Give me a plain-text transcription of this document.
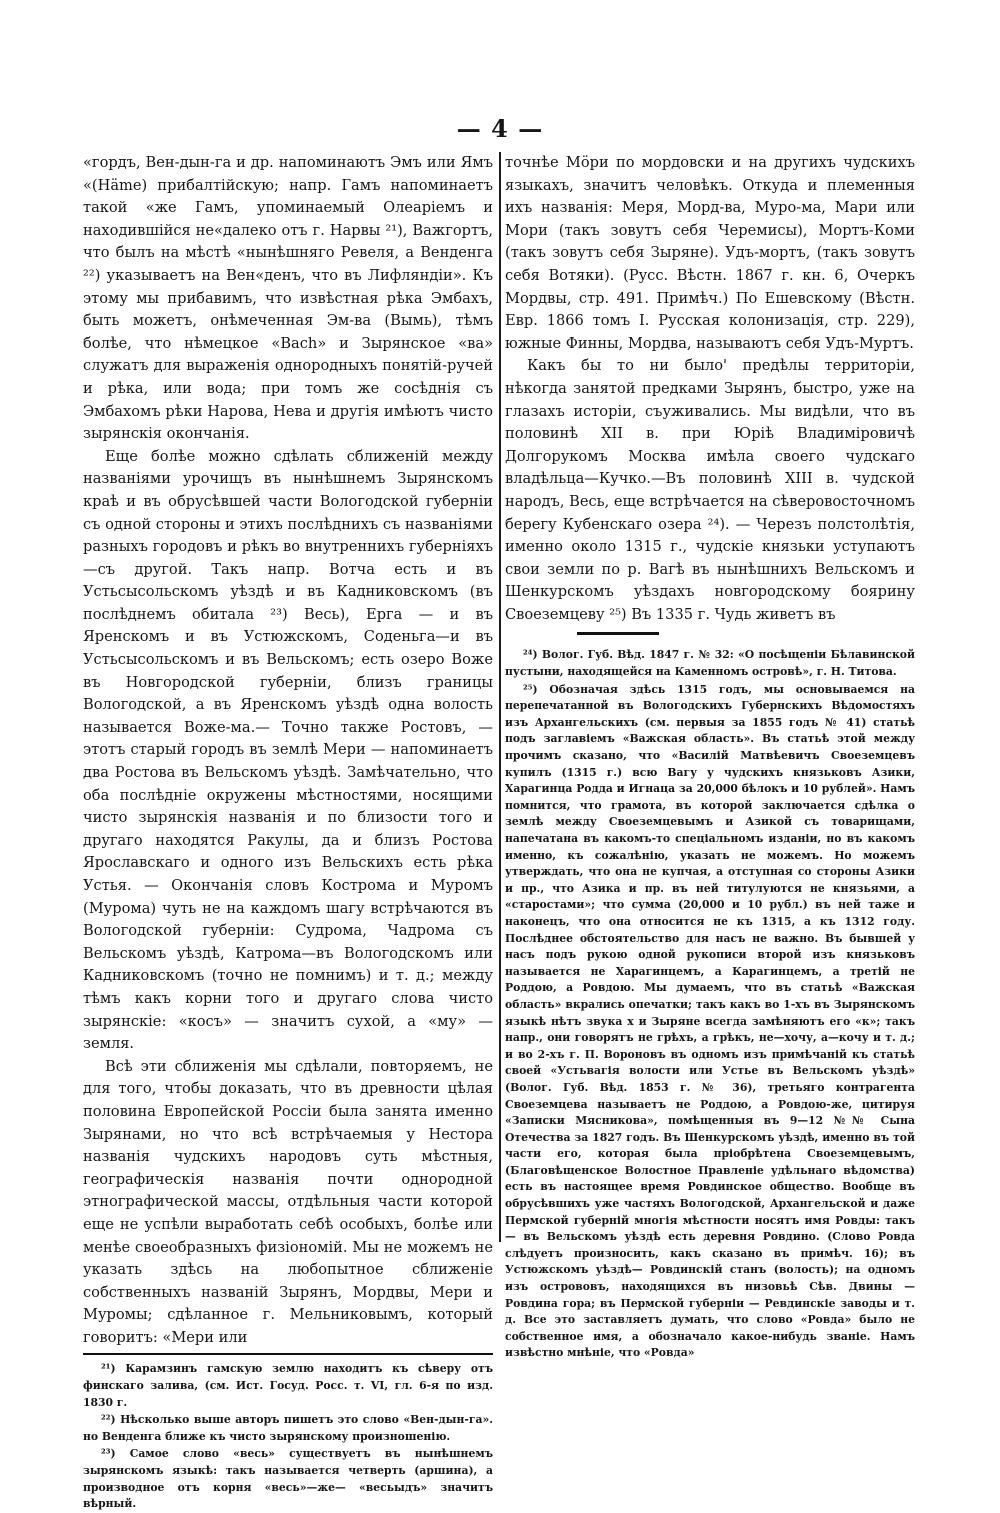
— 4 —

«гордъ, Вен-дын-га и др. напоминаютъ Эмъ или Ямъ «(Häme) прибалтійскую; напр. Гамъ напоминаетъ такой «же Гамъ, упоминаемый Олеаріемъ и находившійся не«далеко отъ г. Нарвы ²¹), Важгортъ, что былъ на мѣстѣ «нынѣшняго Ревеля, а Венденга ²²) указываетъ на Вен«денъ, что въ Лифляндіи». Къ этому мы прибавимъ, что извѣстная рѣка Эмбахъ, быть можетъ, онѣмеченная Эм-ва (Вымь), тѣмъ болѣе, что нѣмецкое «Bach» и Зырянское «ва» служатъ для выраженія однородныхъ понятій-ручей и рѣка, или вода; при томъ же сосѣднія съ Эмбахомъ рѣки Нарова, Нева и другія имѣютъ чисто зырянскія окончанія.

Еще болѣе можно сдѣлать сближеній между названіями урочищъ въ нынѣшнемъ Зырянскомъ краѣ и въ обрусѣвшей части Вологодской губерніи съ одной стороны и этихъ послѣднихъ съ названіями разныхъ городовъ и рѣкъ во внутреннихъ губерніяхъ—съ другой. Такъ напр. Вотча есть и въ Устьсысольскомъ уѣздѣ и въ Кадниковскомъ (въ послѣднемъ обитала ²³) Весь), Ерга — и въ Яренскомъ и въ Устюжскомъ, Соденьга—и въ Устьсысольскомъ и въ Вельскомъ; есть озеро Воже въ Новгородской губерніи, близъ границы Вологодской, а въ Яренскомъ уѣздѣ одна волость называется Воже-ма.— Точно также Ростовъ, — этотъ старый городъ въ землѣ Мери — напоминаетъ два Ростова въ Вельскомъ уѣздѣ. Замѣчательно, что оба послѣдніе окружены мѣстностями, носящими чисто зырянскія названія и по близости того и другаго находятся Ракулы, да и близъ Ростова Ярославскаго и одного изъ Вельскихъ есть рѣка Устья. — Окончанія словъ Кострома и Муромъ (Мурома) чуть не на каждомъ шагу встрѣчаются въ Вологодской губерніи: Судрома, Чадрома съ Вельскомъ уѣздѣ, Катрома—въ Вологодскомъ или Кадниковскомъ (точно не помнимъ) и т. д.; между тѣмъ какъ корни того и другаго слова чисто зырянскіе: «косъ» — значитъ сухой, а «му» — земля.

Всѣ эти сближенія мы сдѣлали, повторяемъ, не для того, чтобы доказать, что въ древности цѣлая половина Европейской Россіи была занята именно Зырянами, но что всѣ встрѣчаемыя у Нестора названія чудскихъ народовъ суть мѣстныя, географическія названія почти однородной этнографической массы, отдѣльныя части которой еще не успѣли выработать себѣ особыхъ, болѣе или менѣе своеобразныхъ физіономій. Мы не можемъ не указать здѣсь на любопытное сближеніе собственныхъ названій Зырянъ, Мордвы, Мери и Муромы; сдѣланное г. Мельниковымъ, который говоритъ: «Мери или

²¹) Карамзинъ гамскую землю находитъ къ сѣверу отъ финскаго залива, (см. Ист. Госуд. Росс. т. VI, гл. 6-я по изд. 1830 г.

²²) Нѣсколько выше авторъ пишетъ это слово «Вен-дын-га». но Венденга ближе къ чисто зырянскому произношенію.

²³) Самое слово «весь» существуетъ въ нынѣшнемъ зырянскомъ языкѣ: такъ называется четверть (аршина), а производное отъ корня «весь»—же— «весьыдъ» значитъ вѣрный.

точнѣе Мöри по мордовски и на другихъ чудскихъ языкахъ, значитъ человѣкъ. Откуда и племенныя ихъ названія: Меря, Морд-ва, Муро-ма, Мари или Мори (такъ зовутъ себя Черемисы), Мортъ-Коми (такъ зовутъ себя Зыряне). Удъ-мортъ, (такъ зовутъ себя Вотяки). (Русс. Вѣстн. 1867 г. кн. 6, Очеркъ Мордвы, стр. 491. Примѣч.) По Ешевскому (Вѣстн. Евр. 1866 томъ I. Русская колонизація, стр. 229), южные Финны, Мордва, называютъ себя Удъ-Муртъ.

Какъ бы то ни было' предѣлы территоріи, нѣкогда занятой предками Зырянъ, быстро, уже на глазахъ исторіи, съуживались. Мы видѣли, что въ половинѣ XII в. при Юріѣ Владиміровичѣ Долгорукомъ Москва имѣла своего чудскаго владѣльца—Кучко.—Въ половинѣ XIII в. чудской народъ, Весь, еще встрѣчается на сѣверовосточномъ берегу Кубенскаго озера ²⁴). — Черезъ полстолѣтія, именно около 1315 г., чудскіе князьки уступаютъ свои земли по р. Вагѣ въ нынѣшнихъ Вельскомъ и Шенкурскомъ уѣздахъ новгородскому боярину Своеземцеву ²⁵) Въ 1335 г. Чудь живетъ въ

²⁴) Волог. Губ. Вѣд. 1847 г. № 32: «О посѣщеніи Бѣлавинской пустыни, находящейся на Каменномъ островѣ», г. Н. Титова.

²⁵) Обозначая здѣсь 1315 годъ, мы основываемся на перепечатанной въ Вологодскихъ Губернскихъ Вѣдомостяхъ изъ Архангельскихъ (см. первыя за 1855 годъ № 41) статьѣ подъ заглавіемъ «Важская область». Въ статьѣ этой между прочимъ сказано, что «Василій Матвѣевичъ Своеземцевъ купилъ (1315 г.) всю Вагу у чудскихъ князьковъ Азики, Харагинца Родда и Игнаца за 20,000 бѣлокъ и 10 рублей». Намъ помнится, что грамота, въ которой заключается сдѣлка о землѣ между Своеземцевымъ и Азикой съ товарищами, напечатана въ какомъ-то спеціальномъ изданіи, но въ какомъ именно, къ сожалѣнію, указать не можемъ. Но можемъ утверждать, что она не купчая, а отступная со стороны Азики и пр., что Азика и пр. въ ней титулуются не князьями, а «старостами»; что сумма (20,000 и 10 рубл.) въ ней таже и наконецъ, что она относится не къ 1315, а къ 1312 году. Послѣднее обстоятельство для насъ не важно. Въ бывшей у насъ подъ рукою одной рукописи второй изъ князьковъ называется не Харагинцемъ, а Карагинцемъ, а третій не Роддою, а Ровдою. Мы думаемъ, что въ статьѣ «Важская область» вкрались опечатки; такъ какъ во 1-хъ въ Зырянскомъ языкѣ нѣтъ звука х и Зыряне всегда замѣняютъ его «к»; такъ напр., они говорятъ не грѣхъ, а грѣкъ, не—хочу, а—кочу и т. д.; и во 2-хъ г. П. Вороновъ въ одномъ изъ примѣчаній къ статьѣ своей «Устьвагія волости или Устье въ Вельскомъ уѣздѣ» (Волог. Губ. Вѣд. 1853 г. № 36), третьяго контрагента Своеземцева называетъ не Роддою, а Ровдою-же, цитируя «Записки Мясникова», помѣщенныя въ 9—12 №№ Сына Отечества за 1827 годъ. Въ Шенкурскомъ уѣздѣ, именно въ той части его, которая была пріобрѣтена Своеземцевымъ, (Благовѣщенское Волостное Правленіе удѣльнаго вѣдомства) есть въ настоящее время Ровдинское общество. Вообще въ обрусѣвшихъ уже частяхъ Вологодской, Архангельской и даже Пермской губерній многія мѣстности носятъ имя Ровды: такъ — въ Вельскомъ уѣздѣ есть деревня Ровдино. (Слово Ровда слѣдуетъ произносить, какъ сказано въ примѣч. 16); въ Устюжскомъ уѣздѣ— Ровдинскій станъ (волость); на одномъ изъ острововъ, находящихся въ низовьѣ Сѣв. Двины — Ровдина гора; въ Пермской губерніи — Ревдинскіе заводы и т. д. Все это заставляетъ думать, что слово «Ровда» было не собственное имя, а обозначало какое-нибудь званіе. Намъ извѣстно мнѣніе, что «Ровда»
